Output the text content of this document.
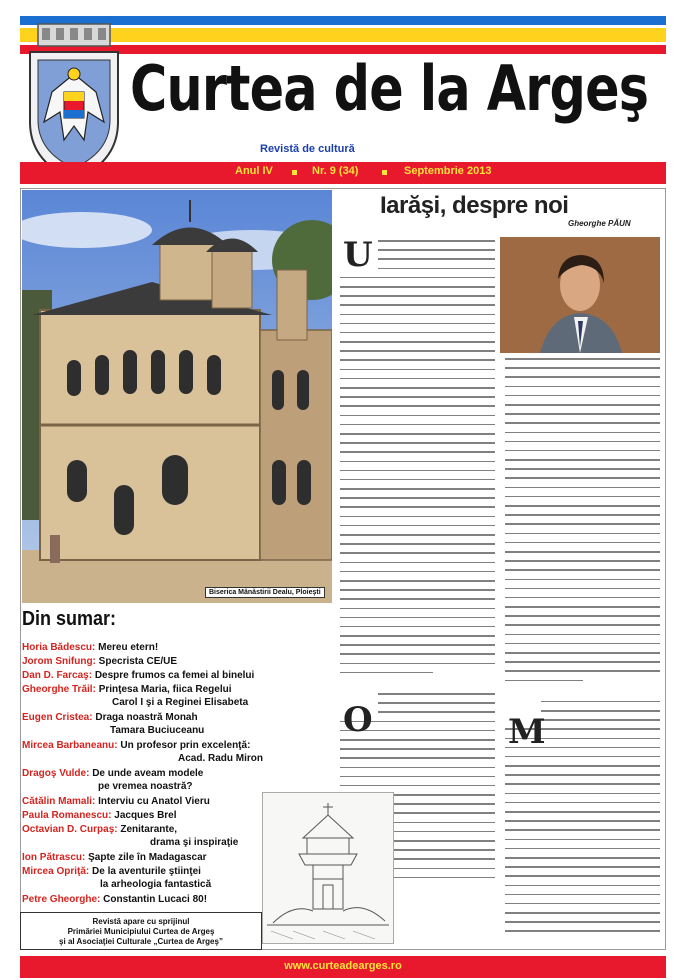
Curtea de la Argeş
Revistă de cultură
Anul IV	Nr. 9 (34)	Septembrie 2013
Biserica Mănăstirii Dealu, Ploieşti
Iarăşi, despre noi
Gheorghe PĂUN
U
O	M
Din sumar:
Horia Bădescu: Mereu etern!
Jorom Snifung: Specrista CE/UE
Dan D. Farcaş: Despre frumos ca femei al binelui
Gheorghe Trăil: Prinţesa Maria, fiica Regelui
Carol I şi a Reginei Elisabeta
Eugen Cristea: Draga noastră Monah
Tamara Buciuceanu
Mircea Barbaneanu: Un profesor prin excelenţă:
Acad. Radu Miron
Dragoş Vulde: De unde aveam modele
pe vremea noastră?
Cătălin Mamali: Interviu cu Anatol Vieru
Paula Romanescu: Jacques Brel
Octavian D. Curpaş: Zenitarante,
drama şi inspiraţie
Ion Pătrascu: Şapte zile în Madagascar
Mircea Opriţă: De la aventurile ştiinţei
la arheologia fantastică
Petre Gheorghe: Constantin Lucaci 80!
Revistă apare cu sprijinul
Primăriei Municipiului Curtea de Argeş
şi al Asociaţiei Culturale „Curtea de Argeş”
www.curteadearges.ro
